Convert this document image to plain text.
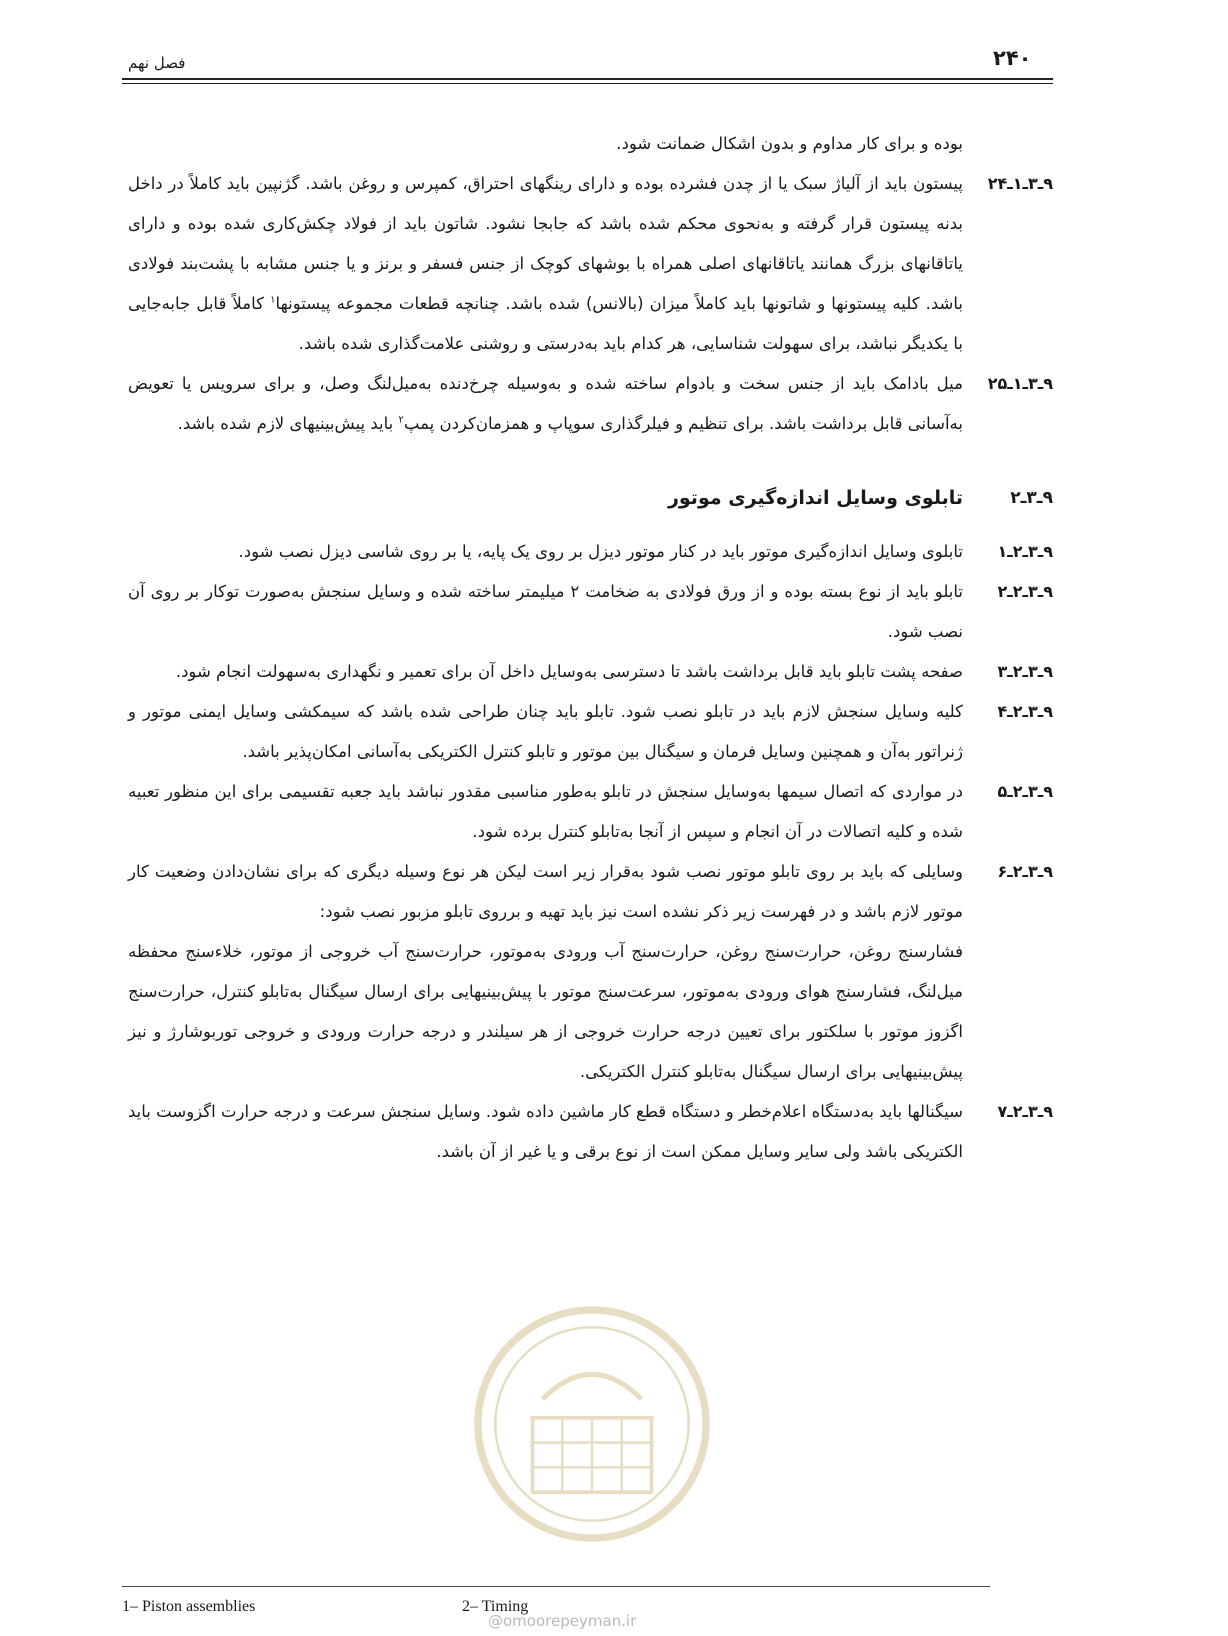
۲۴۰
فصل نهم
بوده و برای کار مداوم و بدون اشکال ضمانت شود.
۹ـ۳ـ۱ـ۲۴
پیستون باید از آلیاژ سبک یا از چدن فشرده بوده و دارای رینگهای احتراق، کمپرس و روغن باشد. گژنپین باید کاملاً در داخل بدنه پیستون قرار گرفته و به‌نحوی محکم شده باشد که جابجا نشود. شاتون باید از فولاد چکش‌کاری شده بوده و دارای یاتاقانهای بزرگ همانند یاتاقانهای اصلی همراه با بوشهای کوچک از جنس فسفر و برنز و یا جنس مشابه با پشت‌بند فولادی باشد. کلیه پیستونها و شاتونها باید کاملاً میزان (بالانس) شده باشد. چنانچه قطعات مجموعه پیستونها$^۱$ کاملاً قابل جابه‌جایی با یکدیگر نباشد، برای سهولت شناسایی، هر کدام باید به‌درستی و روشنی علامت‌گذاری شده باشد.
۹ـ۳ـ۱ـ۲۵
میل بادامک باید از جنس سخت و بادوام ساخته شده و به‌وسیله چرخ‌دنده به‌میل‌لنگ وصل، و برای سرویس یا تعویض به‌آسانی قابل برداشت باشد. برای تنظیم و فیلرگذاری سوپاپ و همزمان‌کردن پمپ$^۲$ باید پیش‌بینیهای لازم شده باشد.
۹ـ۳ـ۲
تابلوی وسایل اندازه‌گیری موتور
۹ـ۳ـ۲ـ۱
تابلوی وسایل اندازه‌گیری موتور باید در کنار موتور دیزل بر روی یک پایه، یا بر روی شاسی دیزل نصب شود.
۹ـ۳ـ۲ـ۲
تابلو باید از نوع بسته بوده و از ورق فولادی به ضخامت ۲ میلیمتر ساخته شده و وسایل سنجش به‌صورت توکار بر روی آن نصب شود.
۹ـ۳ـ۲ـ۳
صفحه پشت تابلو باید قابل برداشت باشد تا دسترسی به‌وسایل داخل آن برای تعمیر و نگهداری به‌سهولت انجام شود.
۹ـ۳ـ۲ـ۴
کلیه وسایل سنجش لازم باید در تابلو نصب شود. تابلو باید چنان طراحی شده باشد که سیمکشی وسایل ایمنی موتور و ژنراتور به‌آن و همچنین وسایل فرمان و سیگنال بین موتور و تابلو کنترل الکتریکی به‌آسانی امکان‌پذیر باشد.
۹ـ۳ـ۲ـ۵
در مواردی که اتصال سیمها به‌وسایل سنجش در تابلو به‌طور مناسبی مقدور نباشد باید جعبه تقسیمی برای این منظور تعبیه شده و کلیه اتصالات در آن انجام و سپس از آنجا به‌تابلو کنترل برده شود.
۹ـ۳ـ۲ـ۶
وسایلی که باید بر روی تابلو موتور نصب شود به‌قرار زیر است لیکن هر نوع وسیله دیگری که برای نشان‌دادن وضعیت کار موتور لازم باشد و در فهرست زیر ذکر نشده است نیز باید تهیه و برروی تابلو مزبور نصب شود:
فشارسنج روغن، حرارت‌سنج روغن، حرارت‌سنج آب ورودی به‌موتور، حرارت‌سنج آب خروجی از موتور، خلاء‌سنج محفظه میل‌لنگ، فشارسنج هوای ورودی به‌موتور، سرعت‌سنج موتور با پیش‌بینیهایی برای ارسال سیگنال به‌تابلو کنترل، حرارت‌سنج اگزوز موتور با سلکتور برای تعیین درجه حرارت خروجی از هر سیلندر و درجه حرارت ورودی و خروجی توربوشارژ و نیز پیش‌بینیهایی برای ارسال سیگنال به‌تابلو کنترل الکتریکی.
۹ـ۳ـ۲ـ۷
سیگنالها باید به‌دستگاه اعلام‌خطر و دستگاه قطع کار ماشین داده شود. وسایل سنجش سرعت و درجه حرارت اگزوست باید الکتریکی باشد ولی سایر وسایل ممکن است از نوع برقی و یا غیر از آن باشد.
1– Piston assemblies	2– Timing
@omoorepeyman.ir
